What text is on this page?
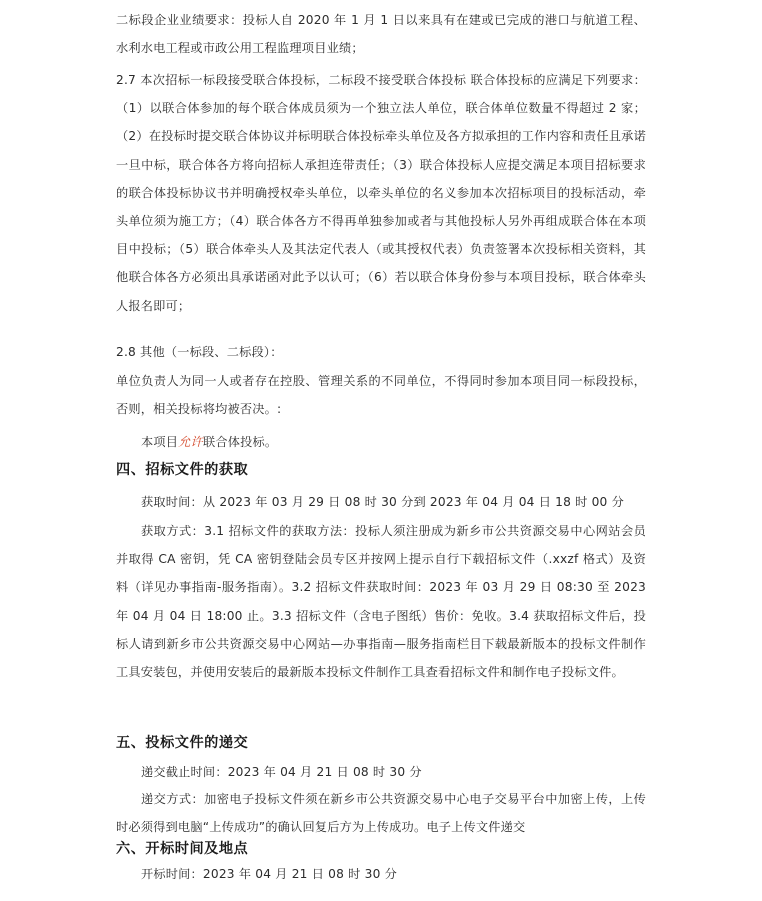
二标段企业业绩要求：投标人自 2020 年 1 月 1 日以来具有在建或已完成的港口与航道工程、水利水电工程或市政公用工程监理项目业绩；
2.7 本次招标一标段接受联合体投标，二标段不接受联合体投标 联合体投标的应满足下列要求：（1）以联合体参加的每个联合体成员须为一个独立法人单位，联合体单位数量不得超过 2 家；（2）在投标时提交联合体协议并标明联合体投标牵头单位及各方拟承担的工作内容和责任且承诺一旦中标，联合体各方将向招标人承担连带责任；（3）联合体投标人应提交满足本项目招标要求的联合体投标协议书并明确授权牵头单位，以牵头单位的名义参加本次招标项目的投标活动，牵头单位须为施工方；（4）联合体各方不得再单独参加或者与其他投标人另外再组成联合体在本项目中投标；（5）联合体牵头人及其法定代表人（或其授权代表）负责签署本次投标相关资料，其他联合体各方必须出具承诺函对此予以认可；（6）若以联合体身份参与本项目投标，联合体牵头人报名即可；
2.8 其他（一标段、二标段）：
单位负责人为同一人或者存在控股、管理关系的不同单位，不得同时参加本项目同一标段投标，否则，相关投标将均被否决。:
本项目允许联合体投标。
四、招标文件的获取
获取时间：从 2023 年 03 月 29 日 08 时 30 分到 2023 年 04 月 04 日 18 时 00 分
获取方式：3.1 招标文件的获取方法：投标人须注册成为新乡市公共资源交易中心网站会员并取得 CA 密钥，凭 CA 密钥登陆会员专区并按网上提示自行下载招标文件（.xxzf 格式）及资料（详见办事指南-服务指南）。3.2 招标文件获取时间：2023 年 03 月 29 日 08:30 至 2023 年 04 月 04 日 18:00 止。3.3 招标文件（含电子图纸）售价：免收。3.4 获取招标文件后，投标人请到新乡市公共资源交易中心网站—办事指南—服务指南栏目下载最新版本的投标文件制作工具安装包，并使用安装后的最新版本投标文件制作工具查看招标文件和制作电子投标文件。
五、投标文件的递交
递交截止时间：2023 年 04 月 21 日 08 时 30 分
递交方式：加密电子投标文件须在新乡市公共资源交易中心电子交易平台中加密上传，上传时必须得到电脑“上传成功”的确认回复后方为上传成功。电子上传文件递交
六、开标时间及地点
开标时间：2023 年 04 月 21 日 08 时 30 分
